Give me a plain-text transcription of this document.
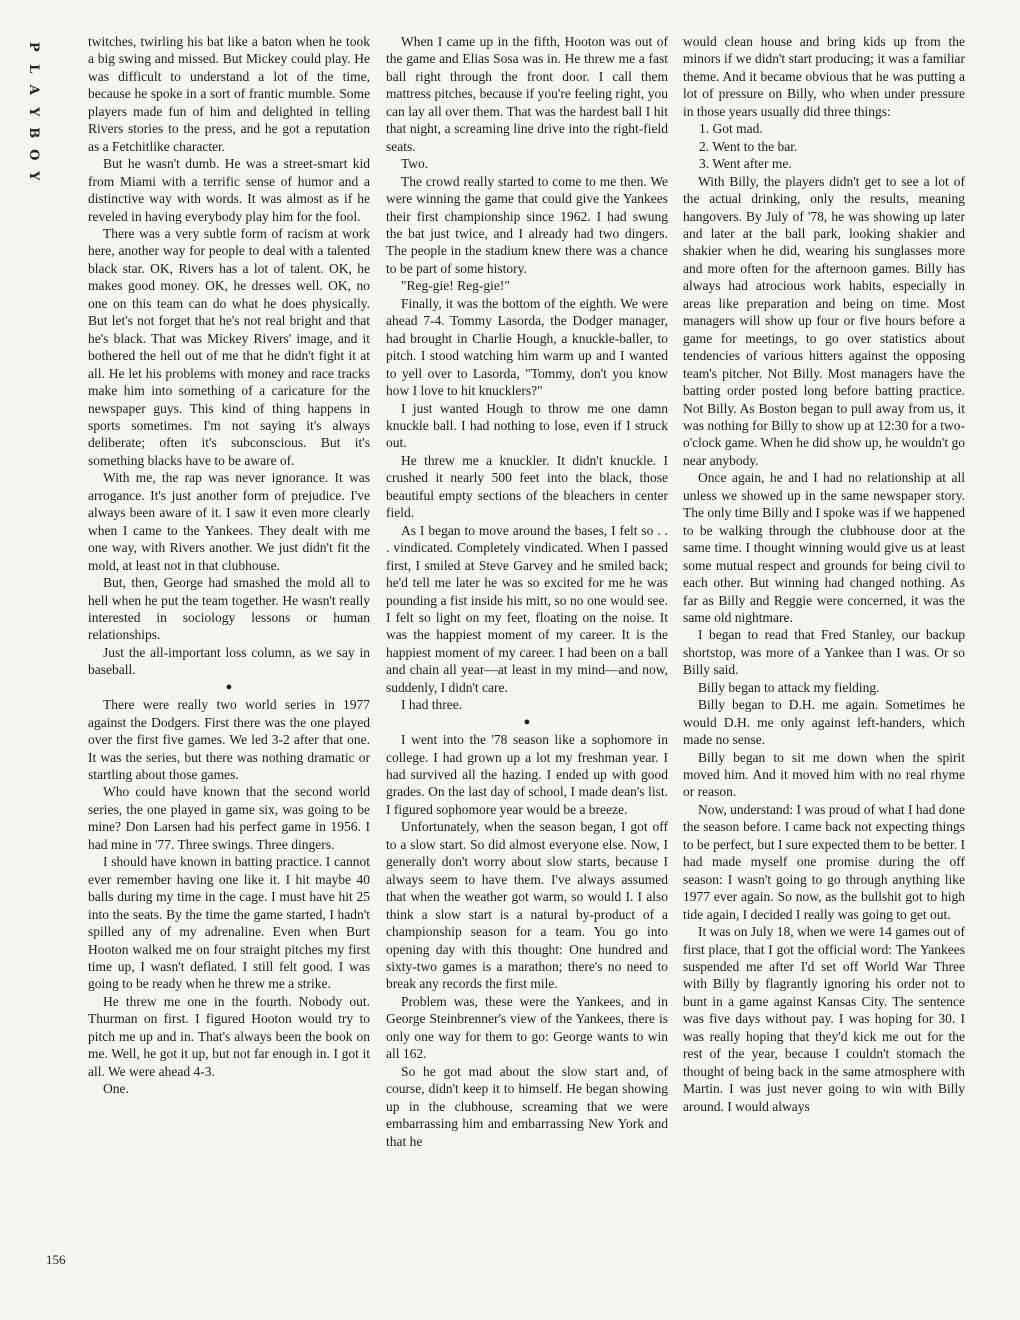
P
L
A
Y
B
O
Y

twitches, twirling his bat like a baton when he took a big swing and missed. But Mickey could play. He was difficult to understand a lot of the time, because he spoke in a sort of frantic mumble. Some players made fun of him and delighted in telling Rivers stories to the press, and he got a reputation as a Fetchitlike character.

But he wasn't dumb. He was a street-smart kid from Miami with a terrific sense of humor and a distinctive way with words. It was almost as if he reveled in having everybody play him for the fool.

There was a very subtle form of racism at work here, another way for people to deal with a talented black star. OK, Rivers has a lot of talent. OK, he makes good money. OK, he dresses well. OK, no one on this team can do what he does physically. But let's not forget that he's not real bright and that he's black. That was Mickey Rivers' image, and it bothered the hell out of me that he didn't fight it at all. He let his problems with money and race tracks make him into something of a caricature for the newspaper guys. This kind of thing happens in sports sometimes. I'm not saying it's always deliberate; often it's subconscious. But it's something blacks have to be aware of.

With me, the rap was never ignorance. It was arrogance. It's just another form of prejudice. I've always been aware of it. I saw it even more clearly when I came to the Yankees. They dealt with me one way, with Rivers another. We just didn't fit the mold, at least not in that clubhouse.

But, then, George had smashed the mold all to hell when he put the team together. He wasn't really interested in sociology lessons or human relationships.

Just the all-important loss column, as we say in baseball.

●

There were really two world series in 1977 against the Dodgers. First there was the one played over the first five games. We led 3-2 after that one. It was the series, but there was nothing dramatic or startling about those games.

Who could have known that the second world series, the one played in game six, was going to be mine? Don Larsen had his perfect game in 1956. I had mine in '77. Three swings. Three dingers.

I should have known in batting practice. I cannot ever remember having one like it. I hit maybe 40 balls during my time in the cage. I must have hit 25 into the seats. By the time the game started, I hadn't spilled any of my adrenaline. Even when Burt Hooton walked me on four straight pitches my first time up, I wasn't deflated. I still felt good. I was going to be ready when he threw me a strike.

He threw me one in the fourth. Nobody out. Thurman on first. I figured Hooton would try to pitch me up and in. That's always been the book on me. Well, he got it up, but not far enough in. I got it all. We were ahead 4-3.

One.

When I came up in the fifth, Hooton was out of the game and Elias Sosa was in. He threw me a fast ball right through the front door. I call them mattress pitches, because if you're feeling right, you can lay all over them. That was the hardest ball I hit that night, a screaming line drive into the right-field seats.

Two.

The crowd really started to come to me then. We were winning the game that could give the Yankees their first championship since 1962. I had swung the bat just twice, and I already had two dingers. The people in the stadium knew there was a chance to be part of some history.

"Reg-gie! Reg-gie!"

Finally, it was the bottom of the eighth. We were ahead 7-4. Tommy Lasorda, the Dodger manager, had brought in Charlie Hough, a knuckle-baller, to pitch. I stood watching him warm up and I wanted to yell over to Lasorda, "Tommy, don't you know how I love to hit knucklers?"

I just wanted Hough to throw me one damn knuckle ball. I had nothing to lose, even if I struck out.

He threw me a knuckler. It didn't knuckle. I crushed it nearly 500 feet into the black, those beautiful empty sections of the bleachers in center field.

As I began to move around the bases, I felt so . . . vindicated. Completely vindicated. When I passed first, I smiled at Steve Garvey and he smiled back; he'd tell me later he was so excited for me he was pounding a fist inside his mitt, so no one would see. I felt so light on my feet, floating on the noise. It was the happiest moment of my career. It is the happiest moment of my career. I had been on a ball and chain all year—at least in my mind—and now, suddenly, I didn't care.

I had three.

●

I went into the '78 season like a sophomore in college. I had grown up a lot my freshman year. I had survived all the hazing. I ended up with good grades. On the last day of school, I made dean's list. I figured sophomore year would be a breeze.

Unfortunately, when the season began, I got off to a slow start. So did almost everyone else. Now, I generally don't worry about slow starts, because I always seem to have them. I've always assumed that when the weather got warm, so would I. I also think a slow start is a natural by-product of a championship season for a team. You go into opening day with this thought: One hundred and sixty-two games is a marathon; there's no need to break any records the first mile.

Problem was, these were the Yankees, and in George Steinbrenner's view of the Yankees, there is only one way for them to go: George wants to win all 162.

So he got mad about the slow start and, of course, didn't keep it to himself. He began showing up in the clubhouse, screaming that we were embarrassing him and embarrassing New York and that he

would clean house and bring kids up from the minors if we didn't start producing; it was a familiar theme. And it became obvious that he was putting a lot of pressure on Billy, who when under pressure in those years usually did three things:

1. Got mad.

2. Went to the bar.

3. Went after me.

With Billy, the players didn't get to see a lot of the actual drinking, only the results, meaning hangovers. By July of '78, he was showing up later and later at the ball park, looking shakier and shakier when he did, wearing his sunglasses more and more often for the afternoon games. Billy has always had atrocious work habits, especially in areas like preparation and being on time. Most managers will show up four or five hours before a game for meetings, to go over statistics about tendencies of various hitters against the opposing team's pitcher. Not Billy. Most managers have the batting order posted long before batting practice. Not Billy. As Boston began to pull away from us, it was nothing for Billy to show up at 12:30 for a two-o'clock game. When he did show up, he wouldn't go near anybody.

Once again, he and I had no relationship at all unless we showed up in the same newspaper story. The only time Billy and I spoke was if we happened to be walking through the clubhouse door at the same time. I thought winning would give us at least some mutual respect and grounds for being civil to each other. But winning had changed nothing. As far as Billy and Reggie were concerned, it was the same old nightmare.

I began to read that Fred Stanley, our backup shortstop, was more of a Yankee than I was. Or so Billy said.

Billy began to attack my fielding.

Billy began to D.H. me again. Sometimes he would D.H. me only against left-handers, which made no sense.

Billy began to sit me down when the spirit moved him. And it moved him with no real rhyme or reason.

Now, understand: I was proud of what I had done the season before. I came back not expecting things to be perfect, but I sure expected them to be better. I had made myself one promise during the off season: I wasn't going to go through anything like 1977 ever again. So now, as the bullshit got to high tide again, I decided I really was going to get out.

It was on July 18, when we were 14 games out of first place, that I got the official word: The Yankees suspended me after I'd set off World War Three with Billy by flagrantly ignoring his order not to bunt in a game against Kansas City. The sentence was five days without pay. I was hoping for 30. I was really hoping that they'd kick me out for the rest of the year, because I couldn't stomach the thought of being back in the same atmosphere with Martin. I was just never going to win with Billy around. I would always

156
